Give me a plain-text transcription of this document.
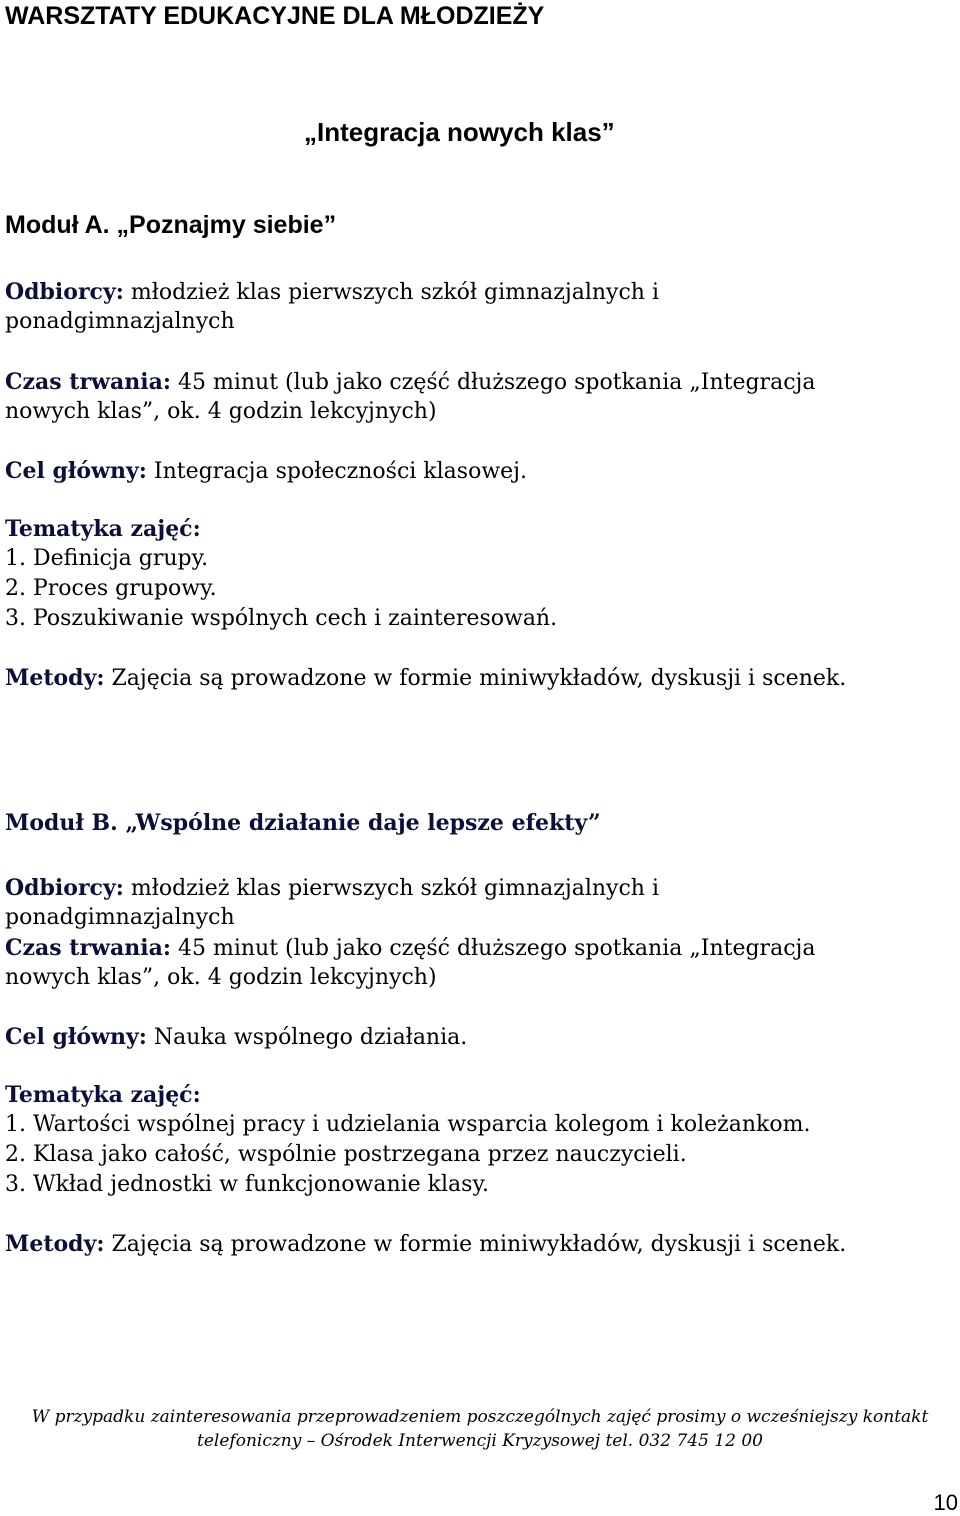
WARSZTATY EDUKACYJNE DLA MŁODZIEŻY
„Integracja nowych klas”
Moduł A. „Poznajmy siebie”
Odbiorcy: młodzież klas pierwszych szkół gimnazjalnych i
ponadgimnazjalnych
Czas trwania: 45 minut (lub jako część dłuższego spotkania „Integracja
nowych klas”, ok. 4 godzin lekcyjnych)
Cel główny: Integracja społeczności klasowej.
Tematyka zajęć:
1. Definicja grupy.
2. Proces grupowy.
3. Poszukiwanie wspólnych cech i zainteresowań.
Metody: Zajęcia są prowadzone w formie miniwykładów, dyskusji i scenek.
Moduł B. „Wspólne działanie daje lepsze efekty”
Odbiorcy: młodzież klas pierwszych szkół gimnazjalnych i
ponadgimnazjalnych
Czas trwania: 45 minut (lub jako część dłuższego spotkania „Integracja
nowych klas”, ok. 4 godzin lekcyjnych)
Cel główny: Nauka wspólnego działania.
Tematyka zajęć:
1. Wartości wspólnej pracy i udzielania wsparcia kolegom i koleżankom.
2. Klasa jako całość, wspólnie postrzegana przez nauczycieli.
3. Wkład jednostki w funkcjonowanie klasy.
Metody: Zajęcia są prowadzone w formie miniwykładów, dyskusji i scenek.
W przypadku zainteresowania przeprowadzeniem poszczególnych zajęć prosimy o wcześniejszy kontakt
telefoniczny – Ośrodek Interwencji Kryzysowej tel. 032 745 12 00
10
